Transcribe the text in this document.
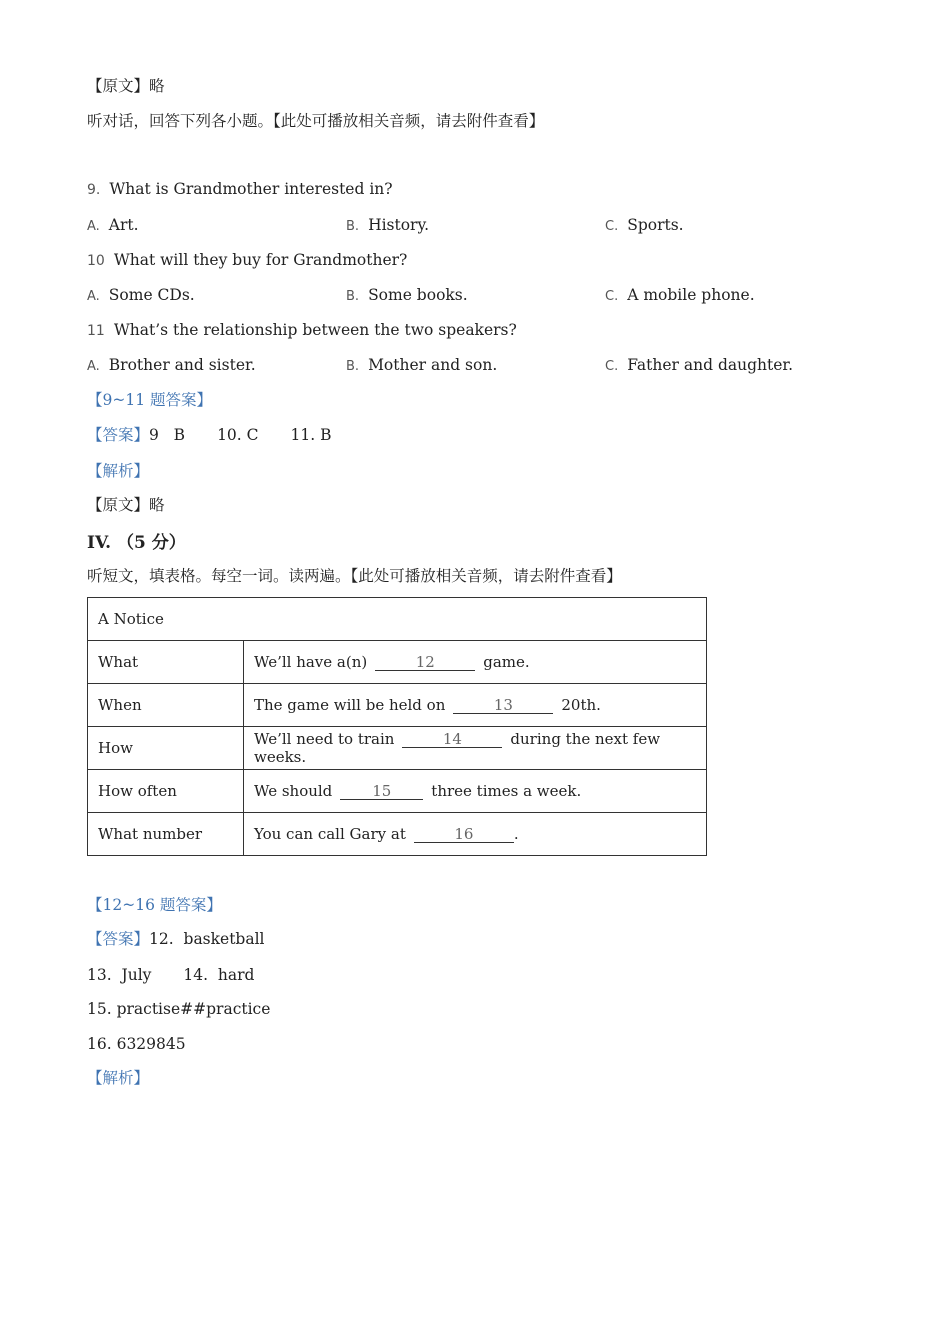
【原文】略
听对话，回答下列各小题。【此处可播放相关音频，请去附件查看】
9. What is Grandmother interested in?
A. Art.	B. History.	C. Sports.
10 What will they buy for Grandmother?
A. Some CDs.	B. Some books.	C. A mobile phone.
11 What’s the relationship between the two speakers?
A. Brother and sister.	B. Mother and son.	C. Father and daughter.
【9~11 题答案】
【答案】9   B 10. C 11. B
【解析】
【原文】略
IV. （5 分）
听短文，填表格。每空一词。读两遍。【此处可播放相关音频，请去附件查看】
A Notice	
What	We’ll have a(n) 12 game.
When	The game will be held on 13 20th.
How	We’ll need to train 14 during the next few weeks.
How often	We should 15 three times a week.
What number	You can call Gary at 16 .
【12~16 题答案】
【答案】12.  basketball
13.  July 14.  hard
15. practise##practice
16. 6329845
【解析】
